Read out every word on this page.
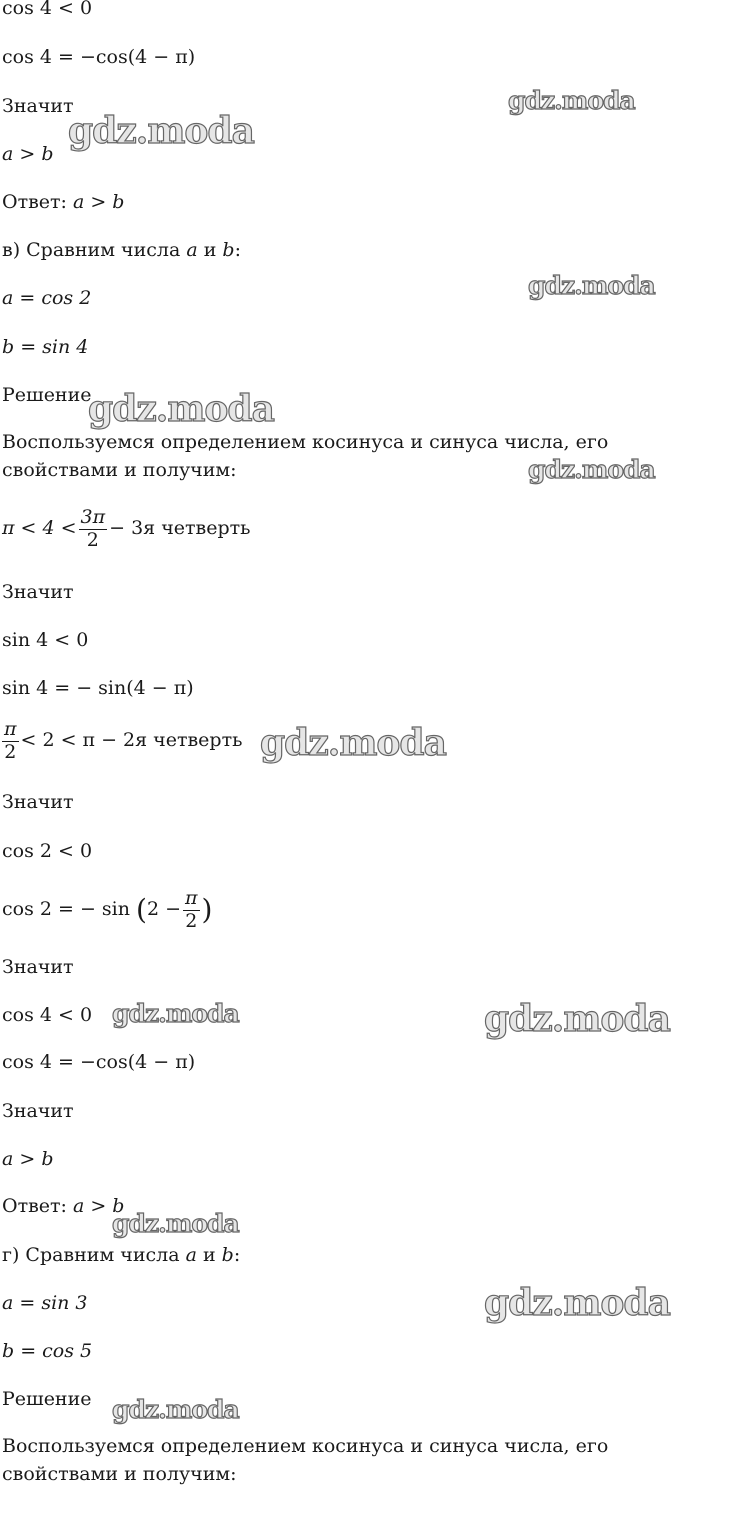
cos 4 < 0
cos 4 = −cos(4 − π)
Значит
a > b
Ответ: a > b
в) Сравним числа a и b:
a = cos 2
b = sin 4
Решение
Воспользуемся определением косинуса и синуса числа, его свойствами и получим:
$\pi < 4 < \frac{3\pi}{2} - 3я$ четверть
Значит
sin 4 < 0
sin 4 = − sin(4 − π)
$\frac{\pi}{2} < 2 < \pi - 2я$ четверть
Значит
cos 2 < 0
cos 2 = − $\sin (2 - \frac{\pi}{2}$ )
Значит
cos 4 < 0
cos 4 = −cos(4 − π)
Значит
a > b
Ответ: a > b
г) Сравним числа a и b:
a = sin 3
b = cos 5
Решение
Воспользуемся определением косинуса и синуса числа, его свойствами и получим:
gdz.moda
gdz.moda
gdz.moda
gdz.moda
gdz.moda
gdz.moda
gdz.moda	gdz.moda
gdz.moda
gdz.moda
gdz.moda
